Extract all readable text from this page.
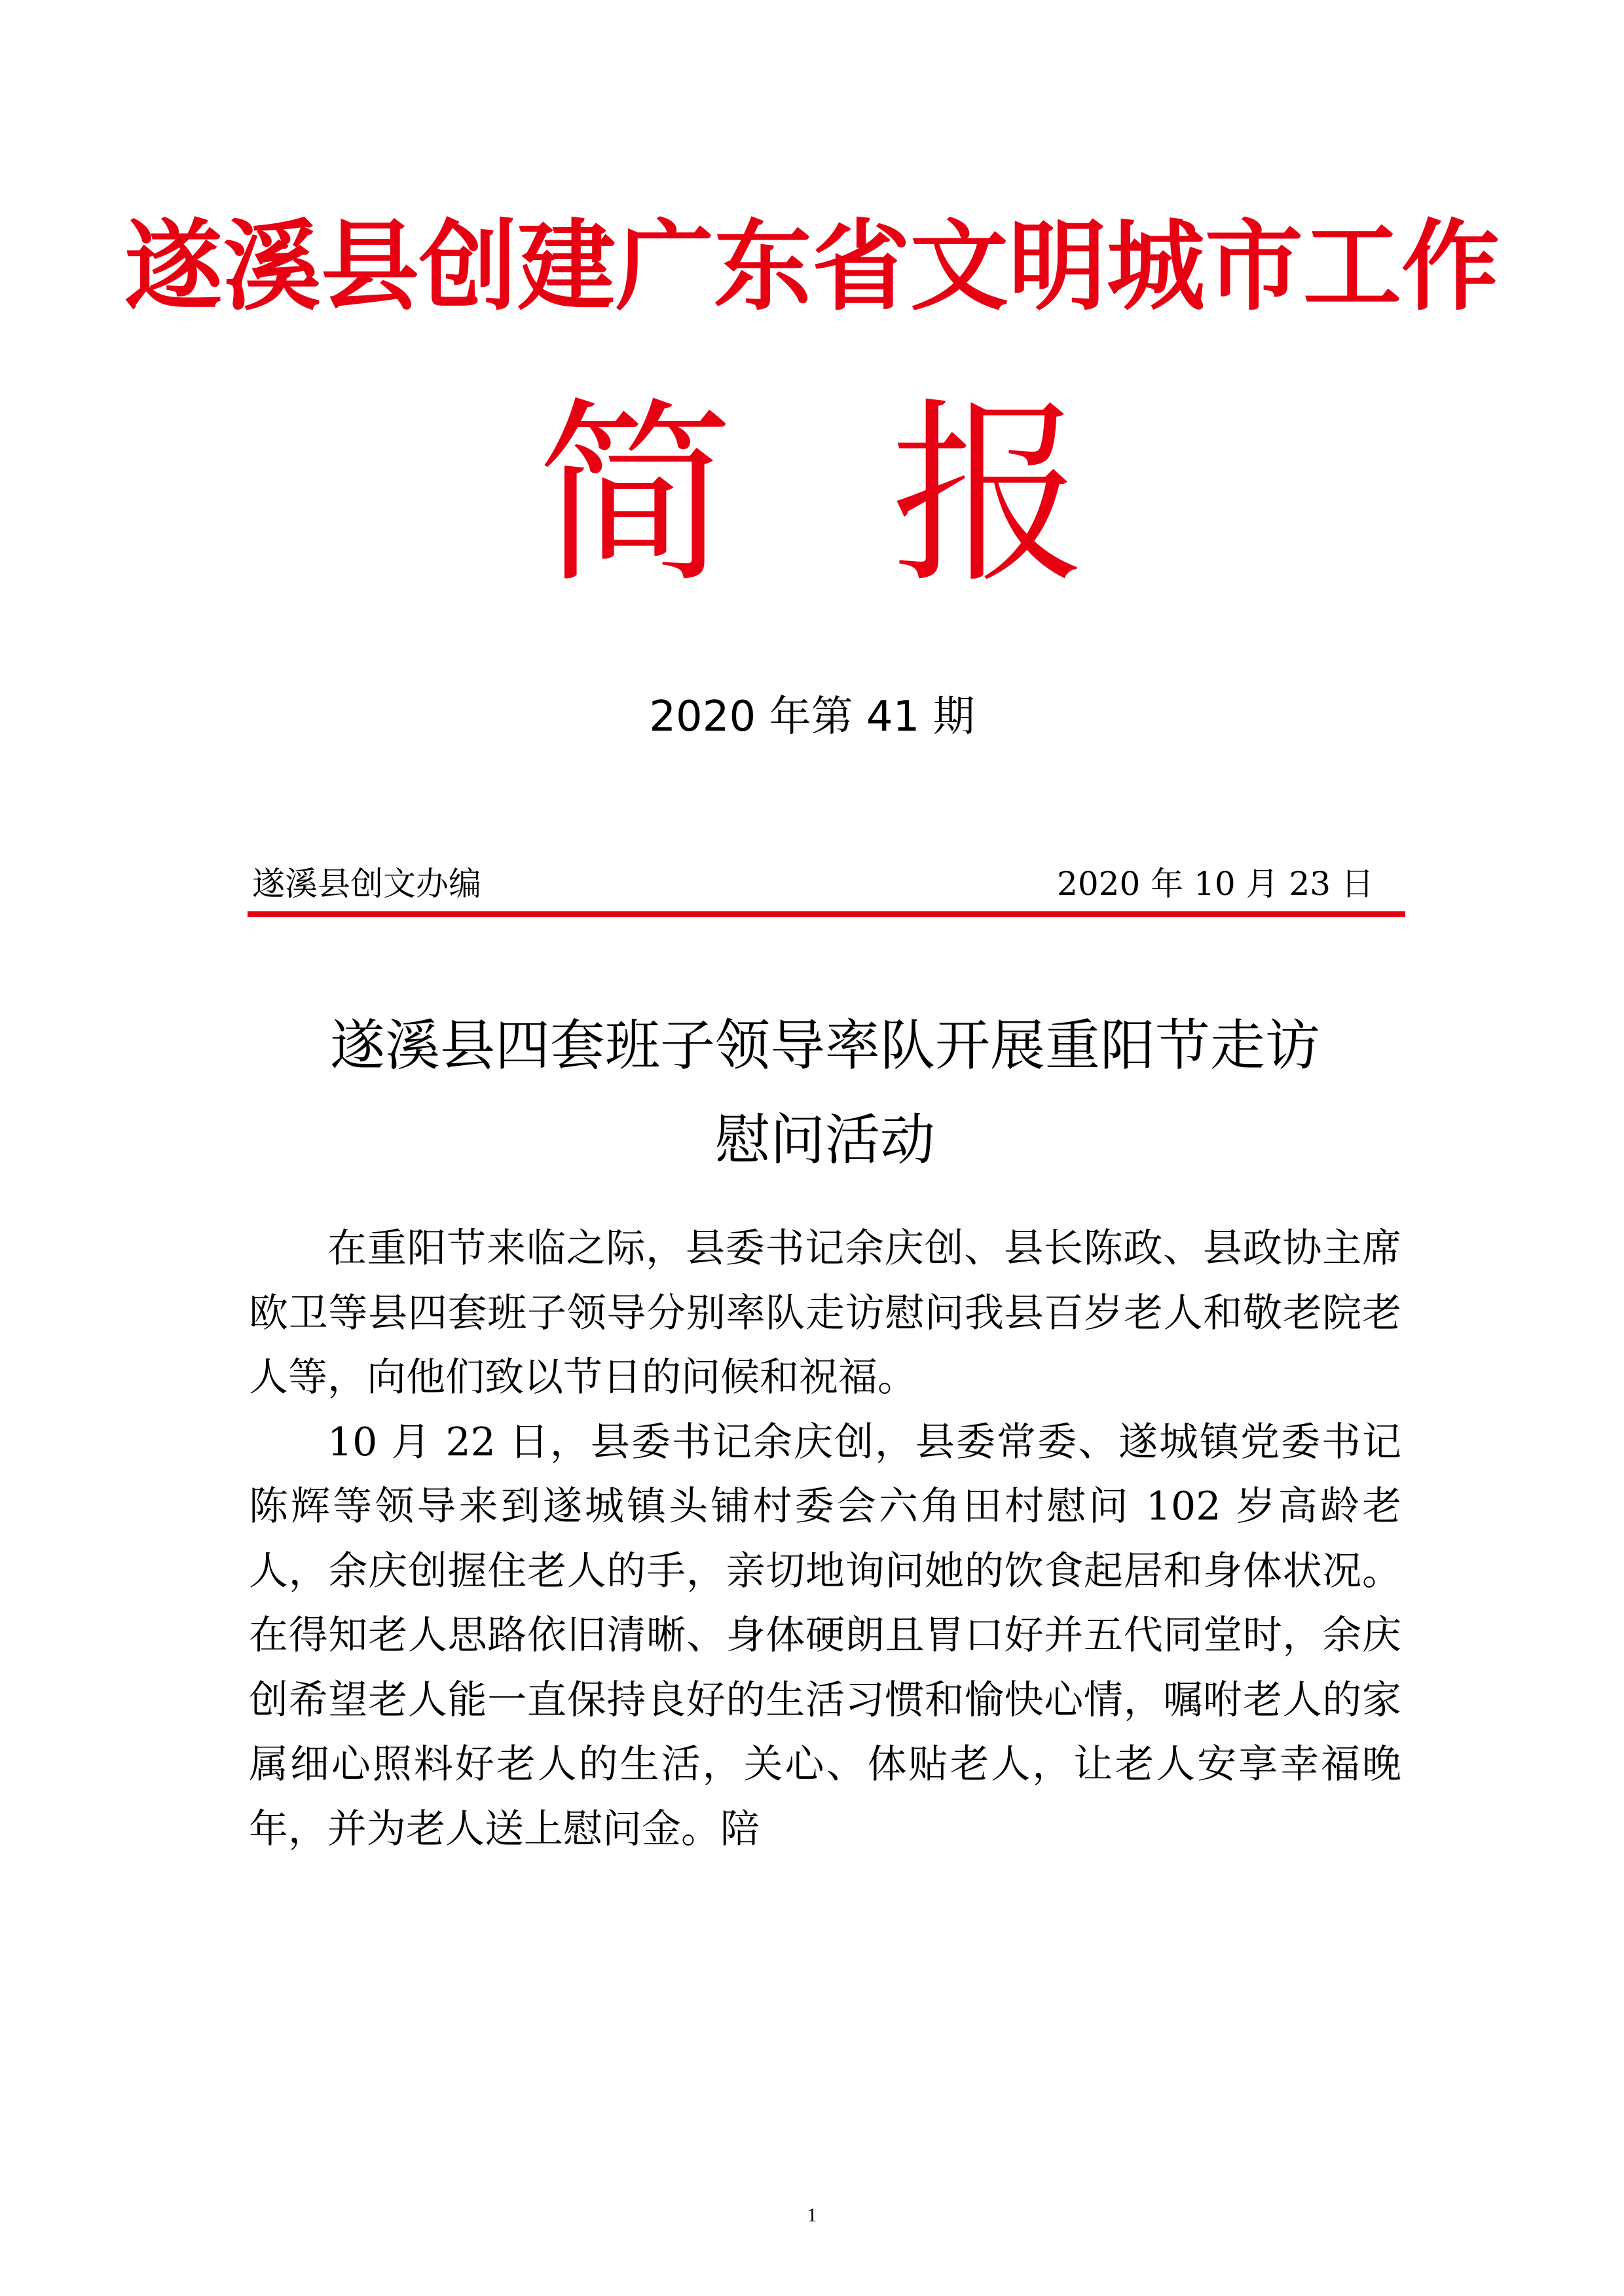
遂溪县创建广东省文明城市工作
简 报
2020 年第 41 期
遂溪县创文办编	2020 年 10 月 23 日
遂溪县四套班子领导率队开展重阳节走访
慰问活动

在重阳节来临之际，县委书记余庆创、县长陈政、县政协主席欧卫等县四套班子领导分别率队走访慰问我县百岁老人和敬老院老人等，向他们致以节日的问候和祝福。

10 月 22 日，县委书记余庆创，县委常委、遂城镇党委书记陈辉等领导来到遂城镇头铺村委会六角田村慰问 102 岁高龄老人，余庆创握住老人的手，亲切地询问她的饮食起居和身体状况。在得知老人思路依旧清晰、身体硬朗且胃口好并五代同堂时，余庆创希望老人能一直保持良好的生活习惯和愉快心情，嘱咐老人的家属细心照料好老人的生活，关心、体贴老人，让老人安享幸福晚年，并为老人送上慰问金。陪

1
